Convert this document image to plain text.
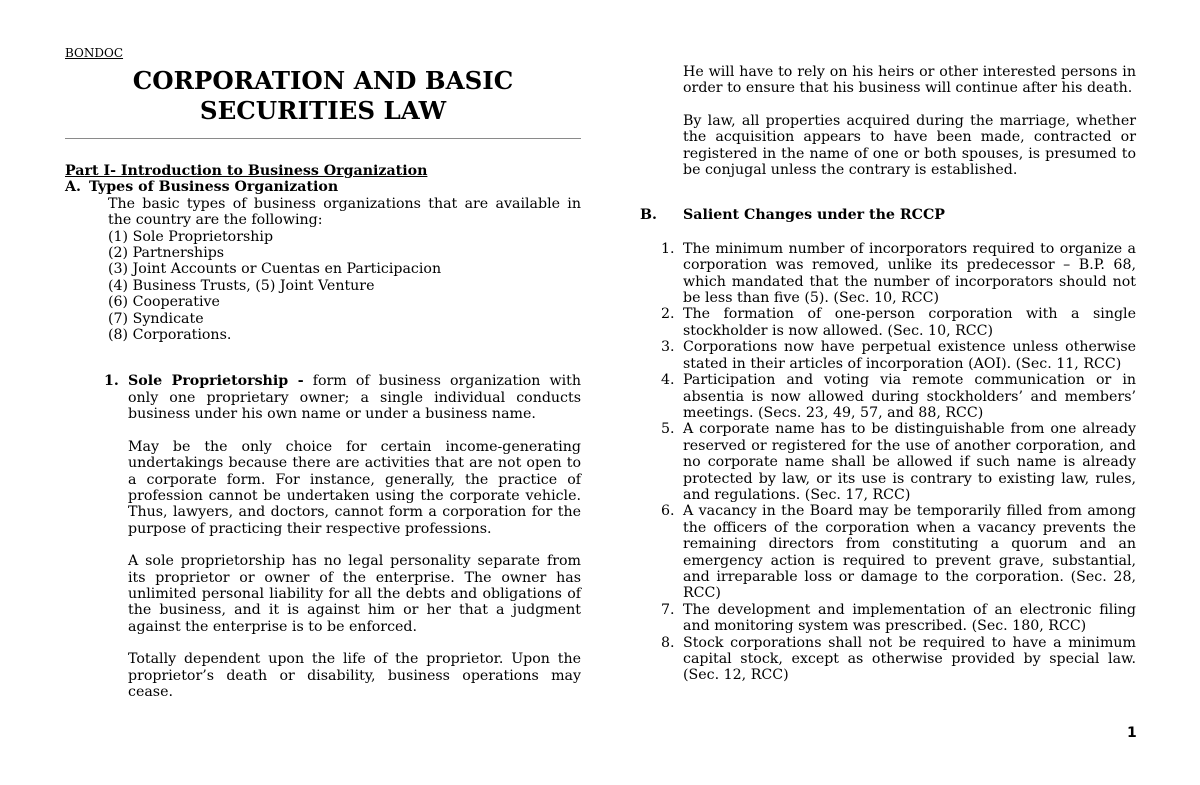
BONDOC

CORPORATION AND BASIC
SECURITIES LAW

Part I- Introduction to Business Organization

A. Types of Business Organization
The basic types of business organizations that are available in the country are the following:
(1) Sole Proprietorship
(2) Partnerships
(3) Joint Accounts or Cuentas en Participacion
(4) Business Trusts, (5) Joint Venture
(6) Cooperative
(7) Syndicate
(8) Corporations.

1. Sole Proprietorship - form of business organization with only one proprietary owner; a single individual conducts business under his own name or under a business name.

May be the only choice for certain income-generating undertakings because there are activities that are not open to a corporate form. For instance, generally, the practice of profession cannot be undertaken using the corporate vehicle. Thus, lawyers, and doctors, cannot form a corporation for the purpose of practicing their respective professions.

A sole proprietorship has no legal personality separate from its proprietor or owner of the enterprise. The owner has unlimited personal liability for all the debts and obligations of the business, and it is against him or her that a judgment against the enterprise is to be enforced.

Totally dependent upon the life of the proprietor. Upon the proprietor’s death or disability, business operations may cease.

He will have to rely on his heirs or other interested persons in order to ensure that his business will continue after his death.

By law, all properties acquired during the marriage, whether the acquisition appears to have been made, contracted or registered in the name of one or both spouses, is presumed to be conjugal unless the contrary is established.

B. Salient Changes under the RCCP

1. The minimum number of incorporators required to organize a corporation was removed, unlike its predecessor – B.P. 68, which mandated that the number of incorporators should not be less than five (5). (Sec. 10, RCC)
2. The formation of one-person corporation with a single stockholder is now allowed. (Sec. 10, RCC)
3. Corporations now have perpetual existence unless otherwise stated in their articles of incorporation (AOI). (Sec. 11, RCC)
4. Participation and voting via remote communication or in absentia is now allowed during stockholders’ and members’ meetings. (Secs. 23, 49, 57, and 88, RCC)
5. A corporate name has to be distinguishable from one already reserved or registered for the use of another corporation, and no corporate name shall be allowed if such name is already protected by law, or its use is contrary to existing law, rules, and regulations. (Sec. 17, RCC)
6. A vacancy in the Board may be temporarily filled from among the officers of the corporation when a vacancy prevents the remaining directors from constituting a quorum and an emergency action is required to prevent grave, substantial, and irreparable loss or damage to the corporation. (Sec. 28, RCC)
7. The development and implementation of an electronic filing and monitoring system was prescribed. (Sec. 180, RCC)
8. Stock corporations shall not be required to have a minimum capital stock, except as otherwise provided by special law. (Sec. 12, RCC)
1
